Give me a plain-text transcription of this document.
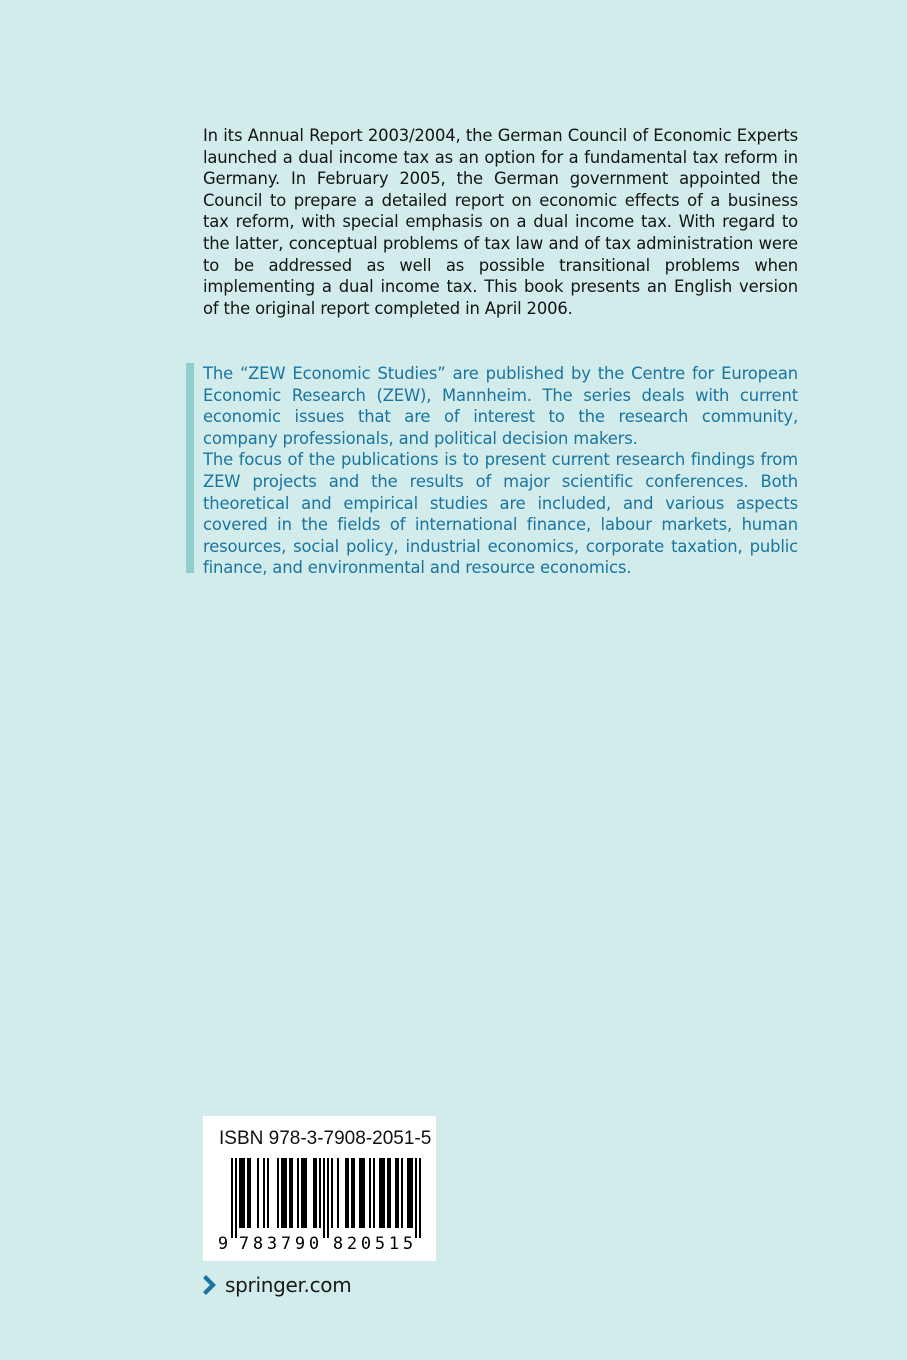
In its Annual Report 2003/2004, the German Council of Economic Experts launched a dual income tax as an option for a fundamental tax reform in Germany. In February 2005, the German government appointed the Council to prepare a detailed report on economic effects of a business tax reform, with special emphasis on a dual income tax. With regard to the latter, conceptual problems of tax law and of tax administration were to be addressed as well as possible transitional problems when implementing a dual income tax. This book presents an English version of the original report completed in April 2006.

The “ZEW Economic Studies” are published by the Centre for European Economic Research (ZEW), Mannheim. The series deals with current economic issues that are of interest to the research community, company professionals, and political decision makers.

The focus of the publications is to present current research findings from ZEW projects and the results of major scientific conferences. Both theoretical and empirical studies are included, and various aspects covered in the fields of international finance, labour markets, human resources, social policy, industrial economics, corporate taxation, public finance, and environmental and resource economics.

ISBN 978-3-7908-2051-5
9 7 8 3 7 9 0 8 2 0 5 1 5
springer.com
